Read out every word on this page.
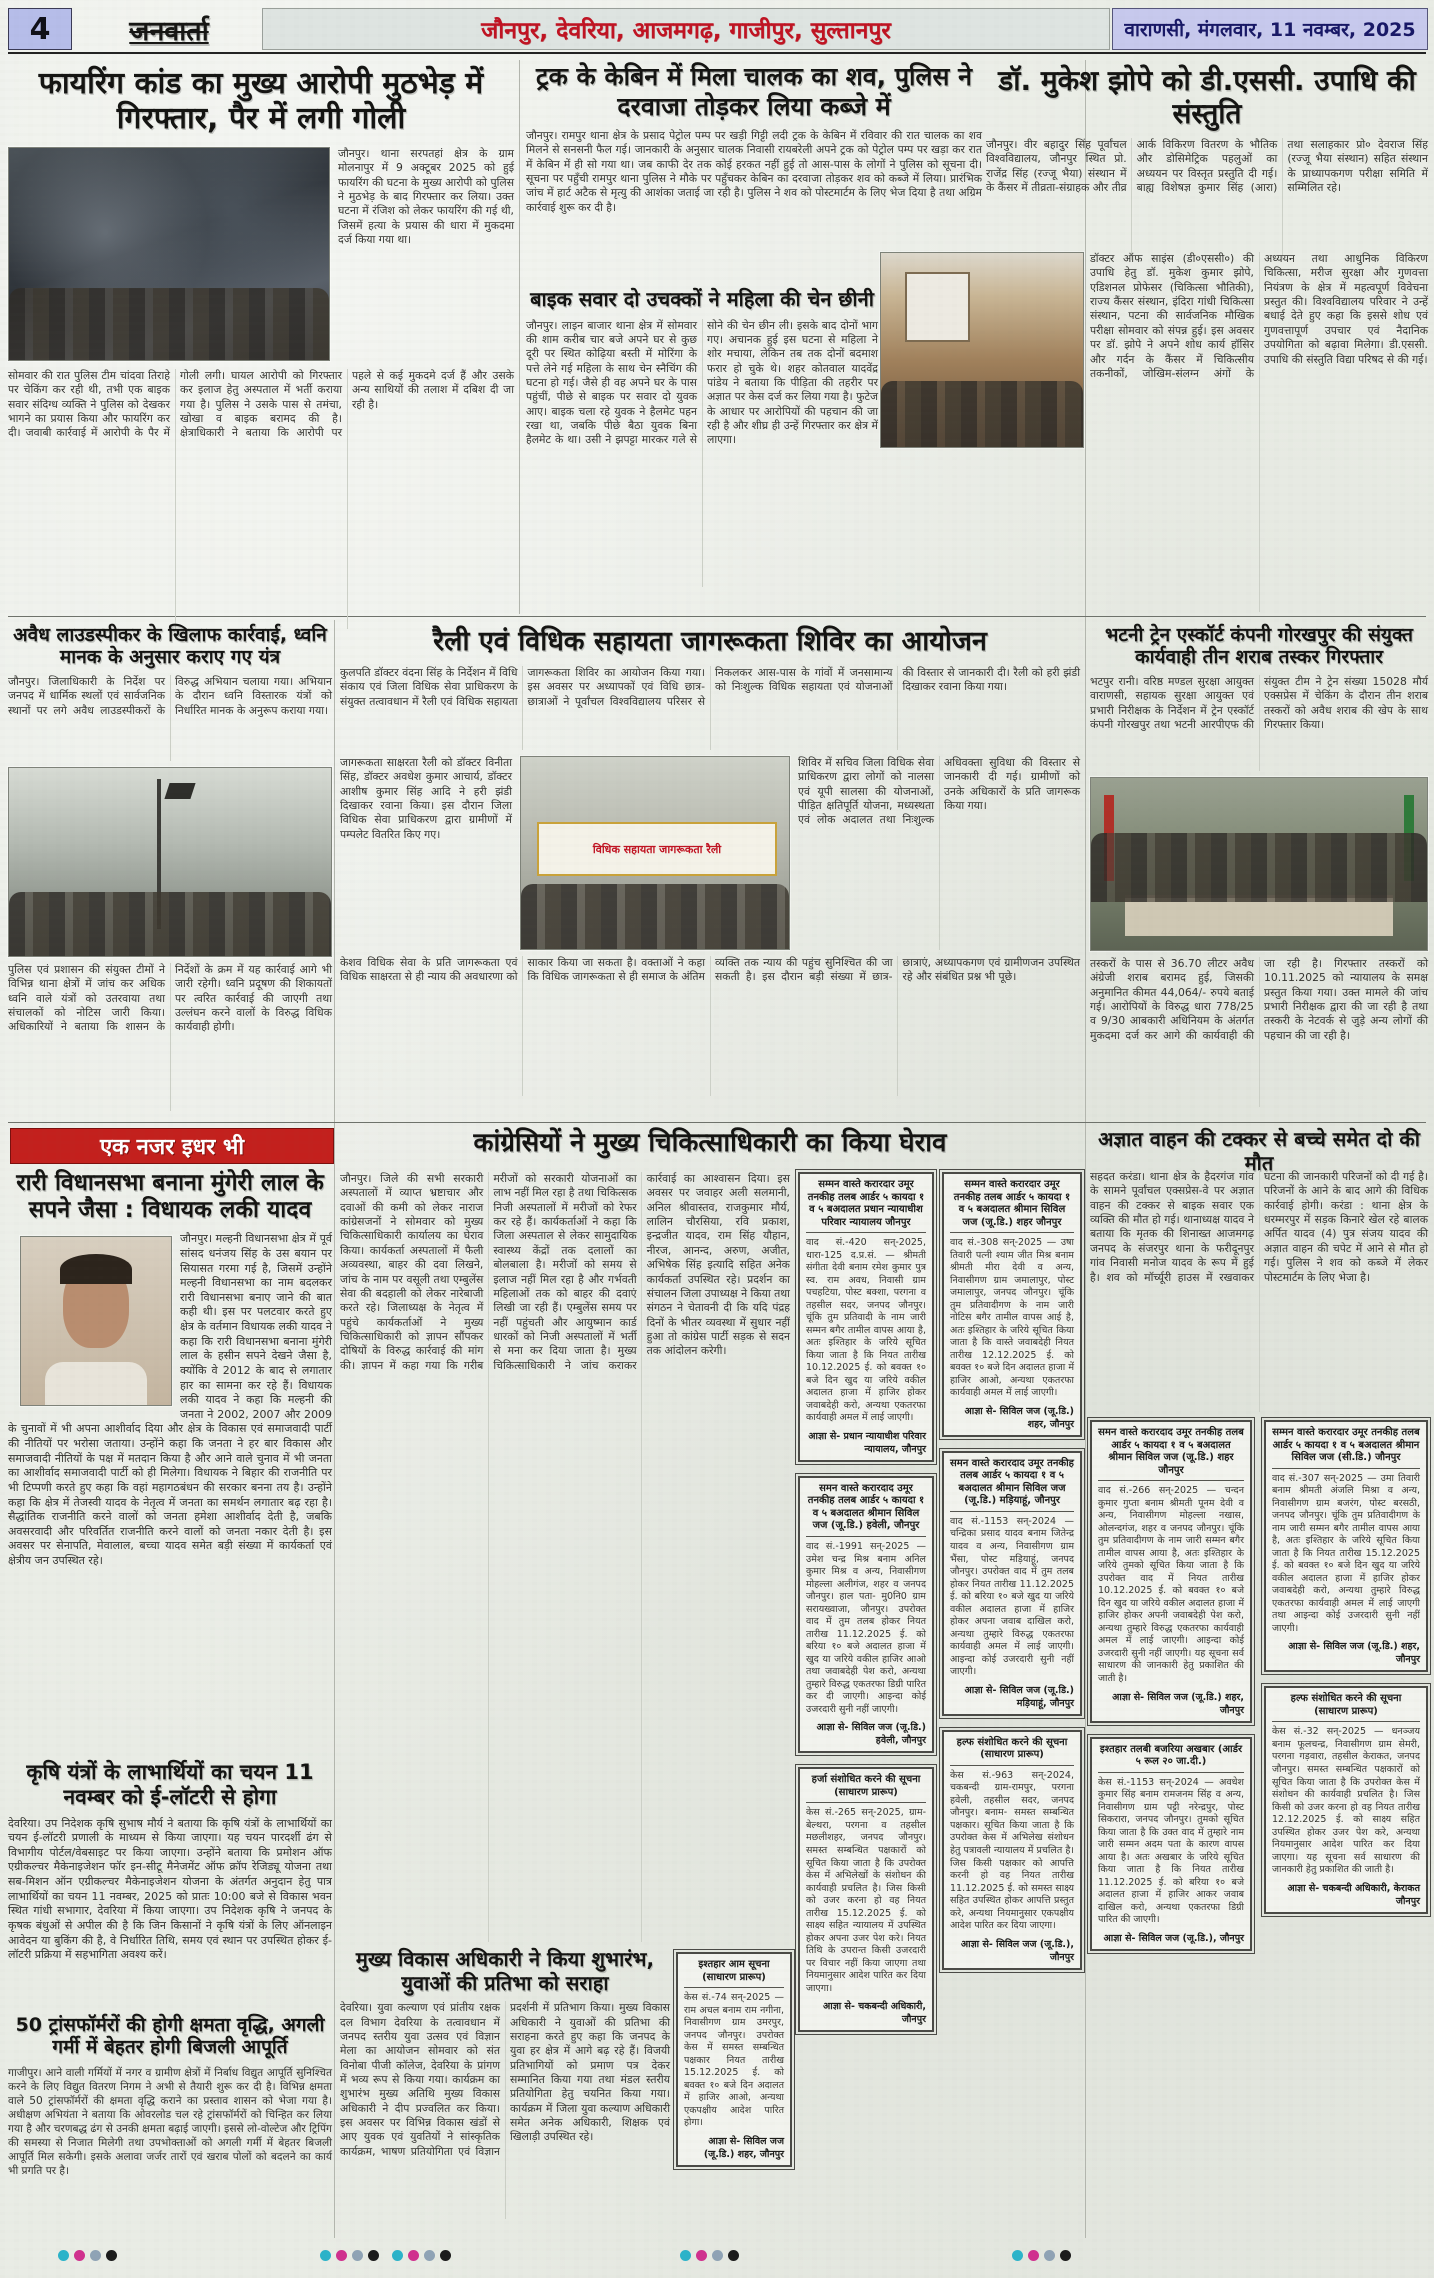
4	जनवार्ता	जौनपुर, देवरिया, आजमगढ़, गाजीपुर, सुल्तानपुर	वाराणसी, मंगलवार, 11 नवम्बर, 2025
फायरिंग कांड का मुख्य आरोपी मुठभेड़ में गिरफ्तार, पैर में लगी गोली
जौनपुर। थाना सरपतहां क्षेत्र के ग्राम मोलनापुर में 9 अक्टूबर 2025 को हुई फायरिंग की घटना के मुख्य आरोपी को पुलिस ने मुठभेड़ के बाद गिरफ्तार कर लिया। उक्त घटना में रंजिश को लेकर फायरिंग की गई थी, जिसमें हत्या के प्रयास की धारा में मुकदमा दर्ज किया गया था।
सोमवार की रात पुलिस टीम चांदवा तिराहे पर चेकिंग कर रही थी, तभी एक बाइक सवार संदिग्ध व्यक्ति ने पुलिस को देखकर भागने का प्रयास किया और फायरिंग कर दी। जवाबी कार्रवाई में आरोपी के पैर में गोली लगी। घायल आरोपी को गिरफ्तार कर इलाज हेतु अस्पताल में भर्ती कराया गया है। पुलिस ने उसके पास से तमंचा, खोखा व बाइक बरामद की है। क्षेत्राधिकारी ने बताया कि आरोपी पर पहले से कई मुकदमे दर्ज हैं और उसके अन्य साथियों की तलाश में दबिश दी जा रही है।
ट्रक के केबिन में मिला चालक का शव, पुलिस ने दरवाजा तोड़कर लिया कब्जे में
जौनपुर। रामपुर थाना क्षेत्र के प्रसाद पेट्रोल पम्प पर खड़ी गिट्टी लदी ट्रक के केबिन में रविवार की रात चालक का शव मिलने से सनसनी फैल गई। जानकारी के अनुसार चालक निवासी रायबरेली अपने ट्रक को पेट्रोल पम्प पर खड़ा कर रात में केबिन में ही सो गया था। जब काफी देर तक कोई हरकत नहीं हुई तो आस-पास के लोगों ने पुलिस को सूचना दी। सूचना पर पहुँची रामपुर थाना पुलिस ने मौके पर पहुँचकर केबिन का दरवाजा तोड़कर शव को कब्जे में लिया। प्रारंभिक जांच में हार्ट अटैक से मृत्यु की आशंका जताई जा रही है। पुलिस ने शव को पोस्टमार्टम के लिए भेज दिया है तथा अग्रिम कार्रवाई शुरू कर दी है।
बाइक सवार दो उचक्कों ने महिला की चेन छीनी
जौनपुर। लाइन बाजार थाना क्षेत्र में सोमवार की शाम करीब चार बजे अपने घर से कुछ दूरी पर स्थित कोढ़िया बस्ती में मोरिंगा के पत्ते लेने गई महिला के साथ चेन स्नैचिंग की घटना हो गई। जैसे ही वह अपने घर के पास पहुंचीं, पीछे से बाइक पर सवार दो युवक आए। बाइक चला रहे युवक ने हैलमेट पहन रखा था, जबकि पीछे बैठा युवक बिना हैलमेट के था। उसी ने झपट्टा मारकर गले से सोने की चेन छीन ली। इसके बाद दोनों भाग गए। अचानक हुई इस घटना से महिला ने शोर मचाया, लेकिन तब तक दोनों बदमाश फरार हो चुके थे। शहर कोतवाल यादवेंद्र पांडेय ने बताया कि पीड़िता की तहरीर पर अज्ञात पर केस दर्ज कर लिया गया है। फुटेज के आधार पर आरोपियों की पहचान की जा रही है और शीघ्र ही उन्हें गिरफ्तार कर क्षेत्र में लाएगा।
डॉ. मुकेश झोपे को डी.एससी. उपाधि की संस्तुति
जौनपुर। वीर बहादुर सिंह पूर्वांचल विश्वविद्यालय, जौनपुर स्थित प्रो. राजेंद्र सिंह (रज्जू भैया) संस्थान में के कैंसर में तीव्रता-संग्राहक और तीव्र आर्क विकिरण वितरण के भौतिक और डोसिमेट्रिक पहलुओं का अध्ययन पर विस्तृत प्रस्तुति दी गई। बाह्य विशेषज्ञ कुमार सिंह (आरा) तथा सलाहकार प्रो० देवराज सिंह (रज्जू भैया संस्थान) सहित संस्थान के प्राध्यापकगण परीक्षा समिति में सम्मिलित रहे।
डॉक्टर ऑफ साइंस (डी०एससी०) की उपाधि हेतु डॉ. मुकेश कुमार झोपे, एडिशनल प्रोफेसर (चिकित्सा भौतिकी), राज्य कैंसर संस्थान, इंदिरा गांधी चिकित्सा संस्थान, पटना की सार्वजनिक मौखिक परीक्षा सोमवार को संपन्न हुई। इस अवसर पर डॉ. झोपे ने अपने शोध कार्य हॉसिर और गर्दन के कैंसर में चिकित्सीय तकनीकों, जोखिम-संलग्न अंगों के अध्ययन तथा आधुनिक विकिरण चिकित्सा, मरीज सुरक्षा और गुणवत्ता नियंत्रण के क्षेत्र में महत्वपूर्ण विवेचना प्रस्तुत की। विश्वविद्यालय परिवार ने उन्हें बधाई देते हुए कहा कि इससे शोध एवं गुणवत्तापूर्ण उपचार एवं नैदानिक उपयोगिता को बढ़ावा मिलेगा। डी.एससी. उपाधि की संस्तुति विद्या परिषद से की गई।
अवैध लाउडस्पीकर के खिलाफ कार्रवाई, ध्वनि मानक के अनुसार कराए गए यंत्र
जौनपुर। जिलाधिकारी के निर्देश पर जनपद में धार्मिक स्थलों एवं सार्वजनिक स्थानों पर लगे अवैध लाउडस्पीकरों के विरुद्ध अभियान चलाया गया। अभियान के दौरान ध्वनि विस्तारक यंत्रों को निर्धारित मानक के अनुरूप कराया गया।
पुलिस एवं प्रशासन की संयुक्त टीमों ने विभिन्न थाना क्षेत्रों में जांच कर अधिक ध्वनि वाले यंत्रों को उतरवाया तथा संचालकों को नोटिस जारी किया। अधिकारियों ने बताया कि शासन के निर्देशों के क्रम में यह कार्रवाई आगे भी जारी रहेगी। ध्वनि प्रदूषण की शिकायतों पर त्वरित कार्रवाई की जाएगी तथा उल्लंघन करने वालों के विरुद्ध विधिक कार्यवाही होगी।
रैली एवं विधिक सहायता जागरूकता शिविर का आयोजन
कुलपति डॉक्टर वंदना सिंह के निर्देशन में विधि संकाय एवं जिला विधिक सेवा प्राधिकरण के संयुक्त तत्वावधान में रैली एवं विधिक सहायता जागरूकता शिविर का आयोजन किया गया। इस अवसर पर अध्यापकों एवं विधि छात्र-छात्राओं ने पूर्वांचल विश्वविद्यालय परिसर से निकलकर आस-पास के गांवों में जनसामान्य को निःशुल्क विधिक सहायता एवं योजनाओं की विस्तार से जानकारी दी। रैली को हरी झंडी दिखाकर रवाना किया गया।
जागरूकता साक्षरता रैली को डॉक्टर विनीता सिंह, डॉक्टर अवधेश कुमार आचार्य, डॉक्टर आशीष कुमार सिंह आदि ने हरी झंडी दिखाकर रवाना किया। इस दौरान जिला विधिक सेवा प्राधिकरण द्वारा ग्रामीणों में पम्पलेट वितरित किए गए।
विधिक सहायता जागरूकता रैली
शिविर में सचिव जिला विधिक सेवा प्राधिकरण द्वारा लोगों को नालसा एवं यूपी सालसा की योजनाओं, पीड़ित क्षतिपूर्ति योजना, मध्यस्थता एवं लोक अदालत तथा निःशुल्क अधिवक्ता सुविधा की विस्तार से जानकारी दी गई। ग्रामीणों को उनके अधिकारों के प्रति जागरूक किया गया।
केशव विधिक सेवा के प्रति जागरूकता एवं विधिक साक्षरता से ही न्याय की अवधारणा को साकार किया जा सकता है। वक्ताओं ने कहा कि विधिक जागरूकता से ही समाज के अंतिम व्यक्ति तक न्याय की पहुंच सुनिश्चित की जा सकती है। इस दौरान बड़ी संख्या में छात्र-छात्राएं, अध्यापकगण एवं ग्रामीणजन उपस्थित रहे और संबंधित प्रश्न भी पूछे।
भटनी ट्रेन एस्कॉर्ट कंपनी गोरखपुर की संयुक्त कार्यवाही तीन शराब तस्कर गिरफ्तार
भटपुर रानी। वरिष्ठ मण्डल सुरक्षा आयुक्त वाराणसी, सहायक सुरक्षा आयुक्त एवं प्रभारी निरीक्षक के निर्देशन में ट्रेन एस्कॉर्ट कंपनी गोरखपुर तथा भटनी आरपीएफ की संयुक्त टीम ने ट्रेन संख्या 15028 मौर्य एक्सप्रेस में चेकिंग के दौरान तीन शराब तस्करों को अवैध शराब की खेप के साथ गिरफ्तार किया।
तस्करों के पास से 36.70 लीटर अवैध अंग्रेजी शराब बरामद हुई, जिसकी अनुमानित कीमत 44,064/- रुपये बताई गई। आरोपियों के विरुद्ध धारा 778/25 व 9/30 आबकारी अधिनियम के अंतर्गत मुकदमा दर्ज कर आगे की कार्यवाही की जा रही है। गिरफ्तार तस्करों को 10.11.2025 को न्यायालय के समक्ष प्रस्तुत किया गया। उक्त मामले की जांच प्रभारी निरीक्षक द्वारा की जा रही है तथा तस्करी के नेटवर्क से जुड़े अन्य लोगों की पहचान की जा रही है।
एक नजर इधर भी
रारी विधानसभा बनाना मुंगेरी लाल के सपने जैसा : विधायक लकी यादव
जौनपुर। मल्हनी विधानसभा क्षेत्र में पूर्व सांसद धनंजय सिंह के उस बयान पर सियासत गरमा गई है, जिसमें उन्होंने मल्हनी विधानसभा का नाम बदलकर रारी विधानसभा बनाए जाने की बात कही थी। इस पर पलटवार करते हुए क्षेत्र के वर्तमान विधायक लकी यादव ने कहा कि रारी विधानसभा बनाना मुंगेरी लाल के हसीन सपने देखने जैसा है, क्योंकि वे 2012 के बाद से लगातार हार का सामना कर रहे हैं। विधायक लकी यादव ने कहा कि मल्हनी की जनता ने 2002, 2007 और 2009 के चुनावों में भी अपना आशीर्वाद दिया और क्षेत्र के विकास एवं समाजवादी पार्टी की नीतियों पर भरोसा जताया। उन्होंने कहा कि जनता ने हर बार विकास और समाजवादी नीतियों के पक्ष में मतदान किया है और आने वाले चुनाव में भी जनता का आशीर्वाद समाजवादी पार्टी को ही मिलेगा। विधायक ने बिहार की राजनीति पर भी टिप्पणी करते हुए कहा कि वहां महागठबंधन की सरकार बनना तय है। उन्होंने कहा कि क्षेत्र में तेजस्वी यादव के नेतृत्व में जनता का समर्थन लगातार बढ़ रहा है। सैद्धांतिक राजनीति करने वालों को जनता हमेशा आशीर्वाद देती है, जबकि अवसरवादी और परिवर्तित राजनीति करने वालों को जनता नकार देती है। इस अवसर पर सेनापति, मेवालाल, बच्चा यादव समेत बड़ी संख्या में कार्यकर्ता एवं क्षेत्रीय जन उपस्थित रहे।
कृषि यंत्रों के लाभार्थियों का चयन 11 नवम्बर को ई-लॉटरी से होगा
देवरिया। उप निदेशक कृषि सुभाष मौर्य ने बताया कि कृषि यंत्रों के लाभार्थियों का चयन ई-लॉटरी प्रणाली के माध्यम से किया जाएगा। यह चयन पारदर्शी ढंग से विभागीय पोर्टल/वेबसाइट पर किया जाएगा। उन्होंने बताया कि प्रमोशन ऑफ एग्रीकल्चर मैकेनाइजेशन फॉर इन-सीटू मैनेजमेंट ऑफ क्रॉप रेजिड्यू योजना तथा सब-मिशन ऑन एग्रीकल्चर मैकेनाइजेशन योजना के अंतर्गत अनुदान हेतु पात्र लाभार्थियों का चयन 11 नवम्बर, 2025 को प्रातः 10:00 बजे से विकास भवन स्थित गांधी सभागार, देवरिया में किया जाएगा। उप निदेशक कृषि ने जनपद के कृषक बंधुओं से अपील की है कि जिन किसानों ने कृषि यंत्रों के लिए ऑनलाइन आवेदन या बुकिंग की है, वे निर्धारित तिथि, समय एवं स्थान पर उपस्थित होकर ई-लॉटरी प्रक्रिया में सहभागिता अवश्य करें।
50 ट्रांसफॉर्मरों की होगी क्षमता वृद्धि, अगली गर्मी में बेहतर होगी बिजली आपूर्ति
गाजीपुर। आने वाली गर्मियों में नगर व ग्रामीण क्षेत्रों में निर्बाध विद्युत आपूर्ति सुनिश्चित करने के लिए विद्युत वितरण निगम ने अभी से तैयारी शुरू कर दी है। विभिन्न क्षमता वाले 50 ट्रांसफॉर्मरों की क्षमता वृद्धि कराने का प्रस्ताव शासन को भेजा गया है। अधीक्षण अभियंता ने बताया कि ओवरलोड चल रहे ट्रांसफॉर्मरों को चिन्हित कर लिया गया है और चरणबद्ध ढंग से उनकी क्षमता बढ़ाई जाएगी। इससे लो-वोल्टेज और ट्रिपिंग की समस्या से निजात मिलेगी तथा उपभोक्ताओं को अगली गर्मी में बेहतर बिजली आपूर्ति मिल सकेगी। इसके अलावा जर्जर तारों एवं खराब पोलों को बदलने का कार्य भी प्रगति पर है।
कांग्रेसियों ने मुख्य चिकित्साधिकारी का किया घेराव
जौनपुर। जिले की सभी सरकारी अस्पतालों में व्याप्त भ्रष्टाचार और दवाओं की कमी को लेकर नाराज कांग्रेसजनों ने सोमवार को मुख्य चिकित्साधिकारी कार्यालय का घेराव किया। कार्यकर्ता अस्पतालों में फैली अव्यवस्था, बाहर की दवा लिखने, जांच के नाम पर वसूली तथा एम्बुलेंस सेवा की बदहाली को लेकर नारेबाजी करते रहे। जिलाध्यक्ष के नेतृत्व में पहुंचे कार्यकर्ताओं ने मुख्य चिकित्साधिकारी को ज्ञापन सौंपकर दोषियों के विरुद्ध कार्रवाई की मांग की। ज्ञापन में कहा गया कि गरीब मरीजों को सरकारी योजनाओं का लाभ नहीं मिल रहा है तथा चिकित्सक निजी अस्पतालों में मरीजों को रेफर कर रहे हैं। कार्यकर्ताओं ने कहा कि जिला अस्पताल से लेकर सामुदायिक स्वास्थ्य केंद्रों तक दलालों का बोलबाला है। मरीजों को समय से इलाज नहीं मिल रहा है और गर्भवती महिलाओं तक को बाहर की दवाएं लिखी जा रही हैं। एम्बुलेंस समय पर नहीं पहुंचती और आयुष्मान कार्ड धारकों को निजी अस्पतालों में भर्ती से मना कर दिया जाता है। मुख्य चिकित्साधिकारी ने जांच कराकर कार्रवाई का आश्वासन दिया। इस अवसर पर जवाहर अली सलमानी, अनिल श्रीवास्तव, राजकुमार मौर्य, लालिन चौरसिया, रवि प्रकाश, इन्द्रजीत यादव, राम सिंह यौहान, नीरज, आनन्द, अरुण, अजीत, अभिषेक सिंह इत्यादि सहित अनेक कार्यकर्ता उपस्थित रहे। प्रदर्शन का संचालन जिला उपाध्यक्ष ने किया तथा संगठन ने चेतावनी दी कि यदि पंद्रह दिनों के भीतर व्यवस्था में सुधार नहीं हुआ तो कांग्रेस पार्टी सड़क से सदन तक आंदोलन करेगी।
मुख्य विकास अधिकारी ने किया शुभारंभ, युवाओं की प्रतिभा को सराहा
देवरिया। युवा कल्याण एवं प्रांतीय रक्षक दल विभाग देवरिया के तत्वावधान में जनपद स्तरीय युवा उत्सव एवं विज्ञान मेला का आयोजन सोमवार को संत विनोबा पीजी कॉलेज, देवरिया के प्रांगण में भव्य रूप से किया गया। कार्यक्रम का शुभारंभ मुख्य अतिथि मुख्य विकास अधिकारी ने दीप प्रज्वलित कर किया। इस अवसर पर विभिन्न विकास खंडों से आए युवक एवं युवतियों ने सांस्कृतिक कार्यक्रम, भाषण प्रतियोगिता एवं विज्ञान प्रदर्शनी में प्रतिभाग किया। मुख्य विकास अधिकारी ने युवाओं की प्रतिभा की सराहना करते हुए कहा कि जनपद के युवा हर क्षेत्र में आगे बढ़ रहे हैं। विजयी प्रतिभागियों को प्रमाण पत्र देकर सम्मानित किया गया तथा मंडल स्तरीय प्रतियोगिता हेतु चयनित किया गया। कार्यक्रम में जिला युवा कल्याण अधिकारी समेत अनेक अधिकारी, शिक्षक एवं खिलाड़ी उपस्थित रहे।
इश्तहार आम सूचना (साधारण प्रारूप)
केस सं.-74 सन्-2025 — राम अचल बनाम राम नगीना, निवासीगण ग्राम उमरपुर, जनपद जौनपुर। उपरोक्त केस में समस्त सम्बन्धित पक्षकार नियत तारीख 15.12.2025 ई. को बवक्त १० बजे दिन अदालत में हाजिर आओ, अन्यथा एकपक्षीय आदेश पारित होगा।
आज्ञा से- सिविल जज (जू.डि.) शहर, जौनपुर
सम्मन वास्ते करारदार उमूर तनकीह तलब आर्डर ५ कायदा १ व ५ बअदालत प्रधान न्यायाधीश परिवार न्यायालय जौनपुर
वाद सं.-420 सन्-2025, धारा-125 द.प्र.सं. — श्रीमती संगीता देवी बनाम रमेश कुमार पुत्र स्व. राम अवध, निवासी ग्राम पचहटिया, पोस्ट बक्शा, परगना व तहसील सदर, जनपद जौनपुर। चूंकि तुम प्रतिवादी के नाम जारी सम्मन बगैर तामील वापस आया है, अतः इश्तिहार के जरिये सूचित किया जाता है कि नियत तारीख 10.12.2025 ई. को बवक्त १० बजे दिन खुद या जरिये वकील अदालत हाजा में हाजिर होकर जवाबदेही करो, अन्यथा एकतरफा कार्यवाही अमल में लाई जाएगी।
आज्ञा से- प्रधान न्यायाधीश परिवार न्यायालय, जौनपुर
समन वास्ते करारदाद उमूर तनकीह तलब आर्डर ५ कायदा १ व ५ बअदालत श्रीमान सिविल जज (जू.डि.) हवेली, जौनपुर
वाद सं.-1991 सन्-2025 — उमेश चन्द्र मिश्र बनाम अनिल कुमार मिश्र व अन्य, निवासीगण मोहल्ला अलीगंज, शहर व जनपद जौनपुर। हाल पता- मु0नि0 ग्राम सरायख्वाजा, जौनपुर। उपरोक्त वाद में तुम तलब होकर नियत तारीख 11.12.2025 ई. को बरिया १० बजे अदालत हाजा में खुद या जरिये वकील हाजिर आओ तथा जवाबदेही पेश करो, अन्यथा तुम्हारे विरुद्ध एकतरफा डिग्री पारित कर दी जाएगी। आइन्दा कोई उजरदारी सुनी नहीं जाएगी।
आज्ञा से- सिविल जज (जू.डि.) हवेली, जौनपुर
हर्जा संशोधित करने की सूचना (साधारण प्रारूप)
केस सं.-265 सन्-2025, ग्राम-बेल्थरा, परगना व तहसील मछलीशहर, जनपद जौनपुर। समस्त सम्बन्धित पक्षकारों को सूचित किया जाता है कि उपरोक्त केस में अभिलेखों के संशोधन की कार्यवाही प्रचलित है। जिस किसी को उजर करना हो वह नियत तारीख 15.12.2025 ई. को साक्ष्य सहित न्यायालय में उपस्थित होकर अपना उजर पेश करे। नियत तिथि के उपरान्त किसी उजरदारी पर विचार नहीं किया जाएगा तथा नियमानुसार आदेश पारित कर दिया जाएगा।
आज्ञा से- चकबन्दी अधिकारी, जौनपुर
सम्मन वास्ते करारदार उमूर तनकीह तलब आर्डर ५ कायदा १ व ५ बअदालत श्रीमान सिविल जज (जू.डि.) शहर जौनपुर
वाद सं.-308 सन्-2025 — उषा तिवारी पत्नी श्याम जीत मिश्र बनाम श्रीमती मीरा देवी व अन्य, निवासीगण ग्राम जमालापुर, पोस्ट जमालापुर, जनपद जौनपुर। चूंकि तुम प्रतिवादीगण के नाम जारी नोटिस बगैर तामील वापस आई है, अतः इश्तिहार के जरिये सूचित किया जाता है कि वास्ते जवाबदेही नियत तारीख 12.12.2025 ई. को बवक्त १० बजे दिन अदालत हाजा में हाजिर आओ, अन्यथा एकतरफा कार्यवाही अमल में लाई जाएगी।
आज्ञा से- सिविल जज (जू.डि.) शहर, जौनपुर
समन वास्ते करारदाद उमूर तनकीह तलब आर्डर ५ कायदा १ व ५ बअदालत श्रीमान सिविल जज (जू.डि.) मड़ियाहूं, जौनपुर
वाद सं.-1153 सन्-2024 — चन्द्रिका प्रसाद यादव बनाम जितेन्द्र यादव व अन्य, निवासीगण ग्राम भैंसा, पोस्ट मड़ियाहूं, जनपद जौनपुर। उपरोक्त वाद में तुम तलब होकर नियत तारीख 11.12.2025 ई. को बरिया १० बजे खुद या जरिये वकील अदालत हाजा में हाजिर होकर अपना जवाब दाखिल करो, अन्यथा तुम्हारे विरुद्ध एकतरफा कार्यवाही अमल में लाई जाएगी। आइन्दा कोई उजरदारी सुनी नहीं जाएगी।
आज्ञा से- सिविल जज (जू.डि.) मड़ियाहूं, जौनपुर
हल्फ संशोधित करने की सूचना (साधारण प्रारूप)
केस सं.-963 सन्-2024, चकबन्दी ग्राम-रामपुर, परगना हवेली, तहसील सदर, जनपद जौनपुर। बनाम- समस्त सम्बन्धित पक्षकार। सूचित किया जाता है कि उपरोक्त केस में अभिलेख संशोधन हेतु पत्रावली न्यायालय में प्रचलित है। जिस किसी पक्षकार को आपत्ति करनी हो वह नियत तारीख 11.12.2025 ई. को समस्त साक्ष्य सहित उपस्थित होकर आपत्ति प्रस्तुत करे, अन्यथा नियमानुसार एकपक्षीय आदेश पारित कर दिया जाएगा।
आज्ञा से- सिविल जज (जू.डि.), जौनपुर
अज्ञात वाहन की टक्कर से बच्चे समेत दो की मौत
सहदत करंडा। थाना क्षेत्र के हैदरगंज गांव के सामने पूर्वांचल एक्सप्रेस-वे पर अज्ञात वाहन की टक्कर से बाइक सवार एक व्यक्ति की मौत हो गई। थानाध्यक्ष यादव ने बताया कि मृतक की शिनाख्त आजमगढ़ जनपद के संजरपुर थाना के फरीदूनपुर गांव निवासी मनोज यादव के रूप में हुई है। शव को मॉर्च्यूरी हाउस में रखवाकर घटना की जानकारी परिजनों को दी गई है। परिजनों के आने के बाद आगे की विधिक कार्रवाई होगी। करंडा : थाना क्षेत्र के धरम्मरपुर में सड़क किनारे खेल रहे बालक अर्पित यादव (4) पुत्र संजय यादव की अज्ञात वाहन की चपेट में आने से मौत हो गई। पुलिस ने शव को कब्जे में लेकर पोस्टमार्टम के लिए भेजा है।
समन वास्ते करारदाद उमूर तनकीह तलब आर्डर ५ कायदा १ व ५ बअदालत श्रीमान सिविल जज (जू.डि.) शहर जौनपुर
वाद सं.-266 सन्-2025 — चन्दन कुमार गुप्ता बनाम श्रीमती पूनम देवी व अन्य, निवासीगण मोहल्ला नखास, ओलन्दगंज, शहर व जनपद जौनपुर। चूंकि तुम प्रतिवादीगण के नाम जारी सम्मन बगैर तामील वापस आया है, अतः इश्तिहार के जरिये तुमको सूचित किया जाता है कि उपरोक्त वाद में नियत तारीख 10.12.2025 ई. को बवक्त १० बजे दिन खुद या जरिये वकील अदालत हाजा में हाजिर होकर अपनी जवाबदेही पेश करो, अन्यथा तुम्हारे विरुद्ध एकतरफा कार्यवाही अमल में लाई जाएगी। आइन्दा कोई उजरदारी सुनी नहीं जाएगी। यह सूचना सर्व साधारण की जानकारी हेतु प्रकाशित की जाती है।
आज्ञा से- सिविल जज (जू.डि.) शहर, जौनपुर
इश्तहार तलबी बजरिया अखबार (आर्डर ५ रूल २० जा.दी.)
केस सं.-1153 सन्-2024 — अवधेश कुमार सिंह बनाम रामजनम सिंह व अन्य, निवासीगण ग्राम पट्टी नरेन्द्रपुर, पोस्ट सिकरारा, जनपद जौनपुर। तुमको सूचित किया जाता है कि उक्त वाद में तुम्हारे नाम जारी सम्मन अदम पता के कारण वापस आया है। अतः अखबार के जरिये सूचित किया जाता है कि नियत तारीख 11.12.2025 ई. को बरिया १० बजे अदालत हाजा में हाजिर आकर जवाब दाखिल करो, अन्यथा एकतरफा डिग्री पारित की जाएगी।
आज्ञा से- सिविल जज (जू.डि.), जौनपुर
सम्मन वास्ते करारदार उमूर तनकीह तलब आर्डर ५ कायदा १ व ५ बअदालत श्रीमान सिविल जज (सी.डि.) जौनपुर
वाद सं.-307 सन्-2025 — उमा तिवारी बनाम श्रीमती अंजलि मिश्रा व अन्य, निवासीगण ग्राम बजरंग, पोस्ट बरसठी, जनपद जौनपुर। चूंकि तुम प्रतिवादीगण के नाम जारी सम्मन बगैर तामील वापस आया है, अतः इश्तिहार के जरिये सूचित किया जाता है कि नियत तारीख 15.12.2025 ई. को बवक्त १० बजे दिन खुद या जरिये वकील अदालत हाजा में हाजिर होकर जवाबदेही करो, अन्यथा तुम्हारे विरुद्ध एकतरफा कार्यवाही अमल में लाई जाएगी तथा आइन्दा कोई उजरदारी सुनी नहीं जाएगी।
आज्ञा से- सिविल जज (जू.डि.) शहर, जौनपुर
हल्फ संशोधित करने की सूचना (साधारण प्रारूप)
केस सं.-32 सन्-2025 — धनञ्जय बनाम फूलचन्द्र, निवासीगण ग्राम सेमरी, परगना गड़वारा, तहसील केराकत, जनपद जौनपुर। समस्त सम्बन्धित पक्षकारों को सूचित किया जाता है कि उपरोक्त केस में संशोधन की कार्यवाही प्रचलित है। जिस किसी को उजर करना हो वह नियत तारीख 12.12.2025 ई. को साक्ष्य सहित उपस्थित होकर उजर पेश करे, अन्यथा नियमानुसार आदेश पारित कर दिया जाएगा। यह सूचना सर्व साधारण की जानकारी हेतु प्रकाशित की जाती है।
आज्ञा से- चकबन्दी अधिकारी, केराकत जौनपुर
